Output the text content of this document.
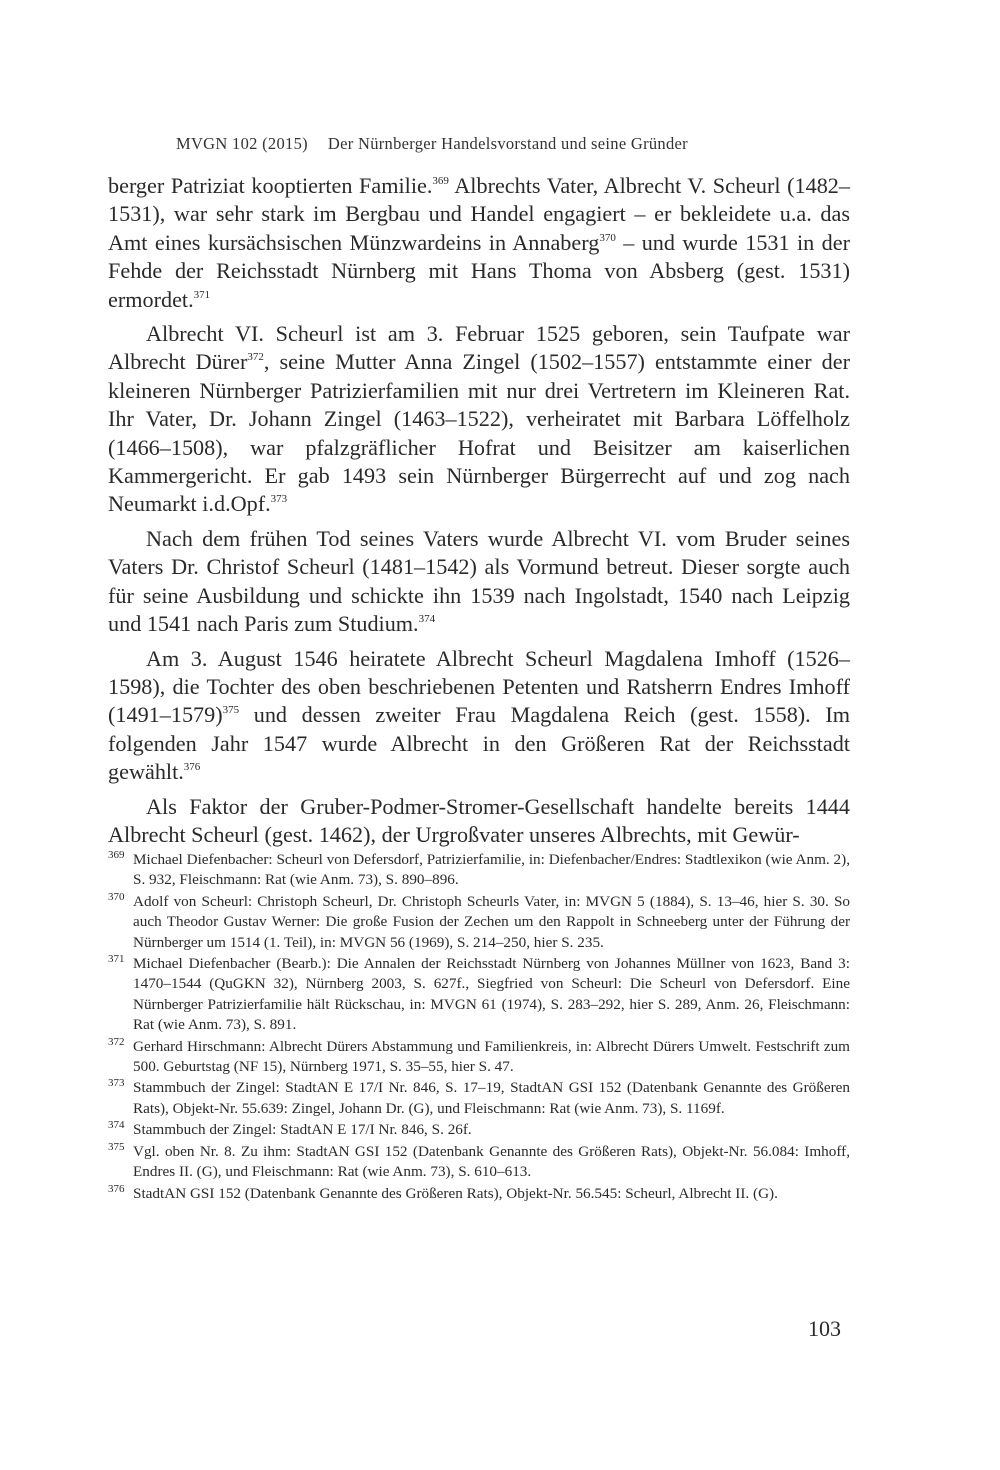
MVGN 102 (2015) Der Nürnberger Handelsvorstand und seine Gründer

berger Patriziat kooptierten Familie.$^{369}$ Albrechts Vater, Albrecht V. Scheurl (1482–1531), war sehr stark im Bergbau und Handel engagiert – er bekleidete u.a. das Amt eines kursächsischen Münzwardeins in Annaberg$^{370}$ – und wurde 1531 in der Fehde der Reichsstadt Nürnberg mit Hans Thoma von Absberg (gest. 1531) ermordet.$^{371}$

Albrecht VI. Scheurl ist am 3. Februar 1525 geboren, sein Taufpate war Albrecht Dürer$^{372}$, seine Mutter Anna Zingel (1502–1557) entstammte einer der kleineren Nürnberger Patrizierfamilien mit nur drei Vertretern im Kleineren Rat. Ihr Vater, Dr. Johann Zingel (1463–1522), verheiratet mit Barbara Löffelholz (1466–1508), war pfalzgräflicher Hofrat und Beisitzer am kaiserlichen Kammergericht. Er gab 1493 sein Nürnberger Bürgerrecht auf und zog nach Neumarkt i.d.Opf.$^{373}$

Nach dem frühen Tod seines Vaters wurde Albrecht VI. vom Bruder seines Vaters Dr. Christof Scheurl (1481–1542) als Vormund betreut. Dieser sorgte auch für seine Ausbildung und schickte ihn 1539 nach Ingolstadt, 1540 nach Leipzig und 1541 nach Paris zum Studium.$^{374}$

Am 3. August 1546 heiratete Albrecht Scheurl Magdalena Imhoff (1526–1598), die Tochter des oben beschriebenen Petenten und Ratsherrn Endres Imhoff (1491–1579)$^{375}$ und dessen zweiter Frau Magdalena Reich (gest. 1558). Im folgenden Jahr 1547 wurde Albrecht in den Größeren Rat der Reichsstadt gewählt.$^{376}$

Als Faktor der Gruber-Podmer-Stromer-Gesellschaft handelte bereits 1444 Albrecht Scheurl (gest. 1462), der Urgroßvater unseres Albrechts, mit Gewür-

369 Michael Diefenbacher: Scheurl von Defersdorf, Patrizierfamilie, in: Diefenbacher/Endres: Stadtlexikon (wie Anm. 2), S. 932, Fleischmann: Rat (wie Anm. 73), S. 890–896.
370 Adolf von Scheurl: Christoph Scheurl, Dr. Christoph Scheurls Vater, in: MVGN 5 (1884), S. 13–46, hier S. 30. So auch Theodor Gustav Werner: Die große Fusion der Zechen um den Rappolt in Schneeberg unter der Führung der Nürnberger um 1514 (1. Teil), in: MVGN 56 (1969), S. 214–250, hier S. 235.
371 Michael Diefenbacher (Bearb.): Die Annalen der Reichsstadt Nürnberg von Johannes Müllner von 1623, Band 3: 1470–1544 (QuGKN 32), Nürnberg 2003, S. 627f., Siegfried von Scheurl: Die Scheurl von Defersdorf. Eine Nürnberger Patrizierfamilie hält Rückschau, in: MVGN 61 (1974), S. 283–292, hier S. 289, Anm. 26, Fleischmann: Rat (wie Anm. 73), S. 891.
372 Gerhard Hirschmann: Albrecht Dürers Abstammung und Familienkreis, in: Albrecht Dürers Umwelt. Festschrift zum 500. Geburtstag (NF 15), Nürnberg 1971, S. 35–55, hier S. 47.
373 Stammbuch der Zingel: StadtAN E 17/I Nr. 846, S. 17–19, StadtAN GSI 152 (Datenbank Genannte des Größeren Rats), Objekt-Nr. 55.639: Zingel, Johann Dr. (G), und Fleischmann: Rat (wie Anm. 73), S. 1169f.
374 Stammbuch der Zingel: StadtAN E 17/I Nr. 846, S. 26f.
375 Vgl. oben Nr. 8. Zu ihm: StadtAN GSI 152 (Datenbank Genannte des Größeren Rats), Objekt-Nr. 56.084: Imhoff, Endres II. (G), und Fleischmann: Rat (wie Anm. 73), S. 610–613.
376 StadtAN GSI 152 (Datenbank Genannte des Größeren Rats), Objekt-Nr. 56.545: Scheurl, Albrecht II. (G).
103
